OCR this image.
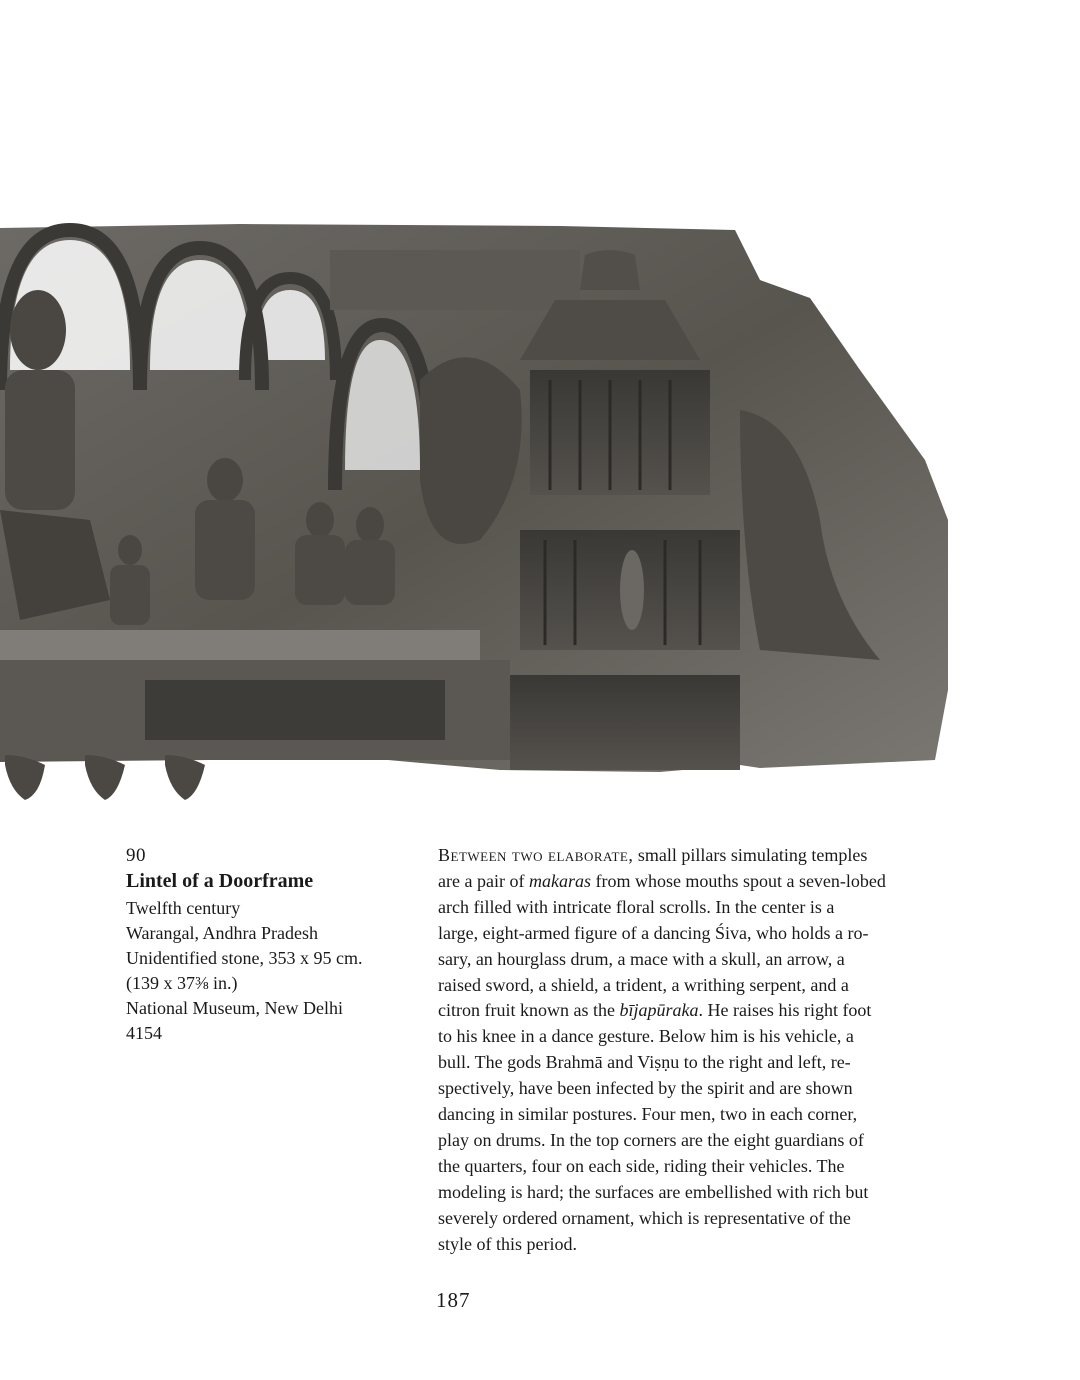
90
Lintel of a Doorframe
Twelfth century
Warangal, Andhra Pradesh
Unidentified stone, 353 x 95 cm.
(139 x 37⅜ in.)
National Museum, New Delhi
4154
Between two elaborate, small pillars simulating temples
are a pair of makaras from whose mouths spout a seven-lobed
arch filled with intricate floral scrolls. In the center is a
large, eight-armed figure of a dancing Śiva, who holds a ro-
sary, an hourglass drum, a mace with a skull, an arrow, a
raised sword, a shield, a trident, a writhing serpent, and a
citron fruit known as the bījapūraka. He raises his right foot
to his knee in a dance gesture. Below him is his vehicle, a
bull. The gods Brahmā and Viṣṇu to the right and left, re-
spectively, have been infected by the spirit and are shown
dancing in similar postures. Four men, two in each corner,
play on drums. In the top corners are the eight guardians of
the quarters, four on each side, riding their vehicles. The
modeling is hard; the surfaces are embellished with rich but
severely ordered ornament, which is representative of the
style of this period.
187
